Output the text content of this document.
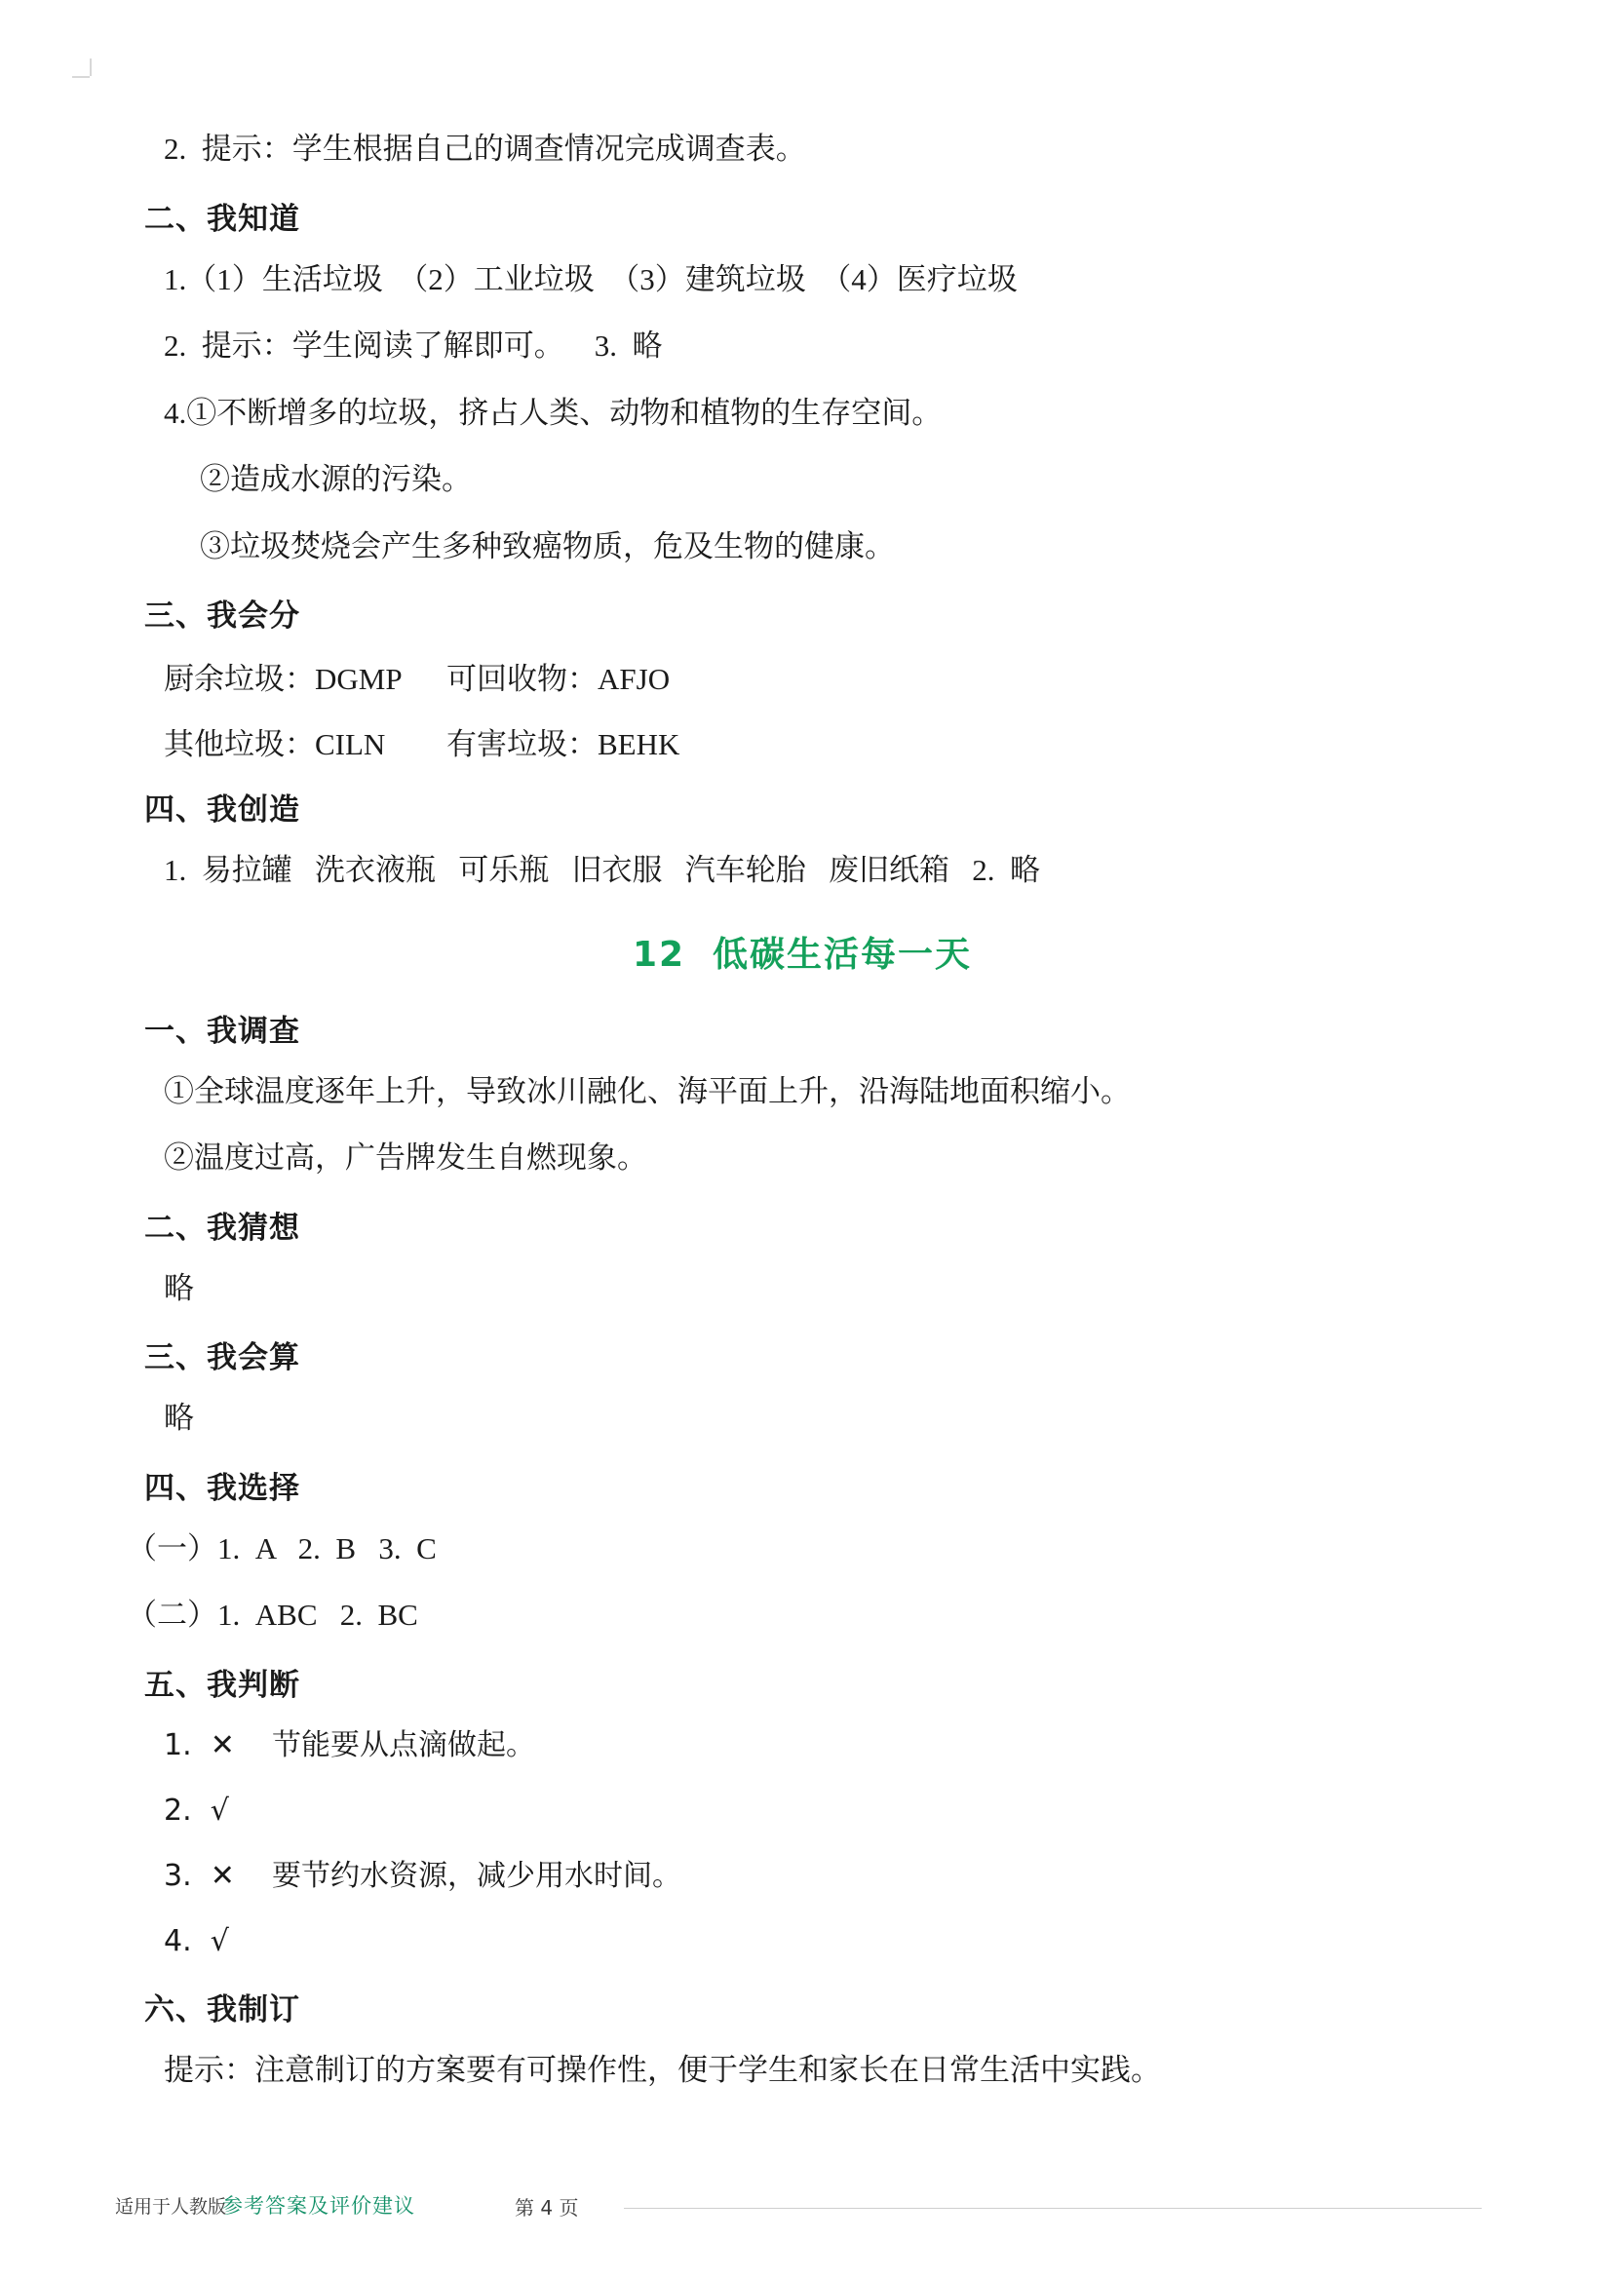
2.  提示：学生根据自己的调查情况完成调查表。

二、我知道

1.（1）生活垃圾  （2）工业垃圾  （3）建筑垃圾  （4）医疗垃圾

2.  提示：学生阅读了解即可。    3.  略

4.①不断增多的垃圾，挤占人类、动物和植物的生存空间。

②造成水源的污染。

③垃圾焚烧会产生多种致癌物质，危及生物的健康。

三、我会分
厨余垃圾：DGMP	可回收物：AFJO
其他垃圾：CILN	有害垃圾：BEHK
四、我创造

1.  易拉罐   洗衣液瓶   可乐瓶   旧衣服   汽车轮胎   废旧纸箱   2.  略

12 低碳生活每一天
一、我调查

①全球温度逐年上升，导致冰川融化、海平面上升，沿海陆地面积缩小。

②温度过高，广告牌发生自燃现象。

二、我猜想

略

三、我会算

略

四、我选择

（一）1.  A   2.  B   3.  C

（二）1.  ABC   2.  BC

五、我判断

1.  ✕    节能要从点滴做起。

2.  √

3.  ✕    要节约水资源，减少用水时间。

4.  √

六、我制订

提示：注意制订的方案要有可操作性，便于学生和家长在日常生活中实践。

适用于人教版
参考答案及评价建议	第 4 页
